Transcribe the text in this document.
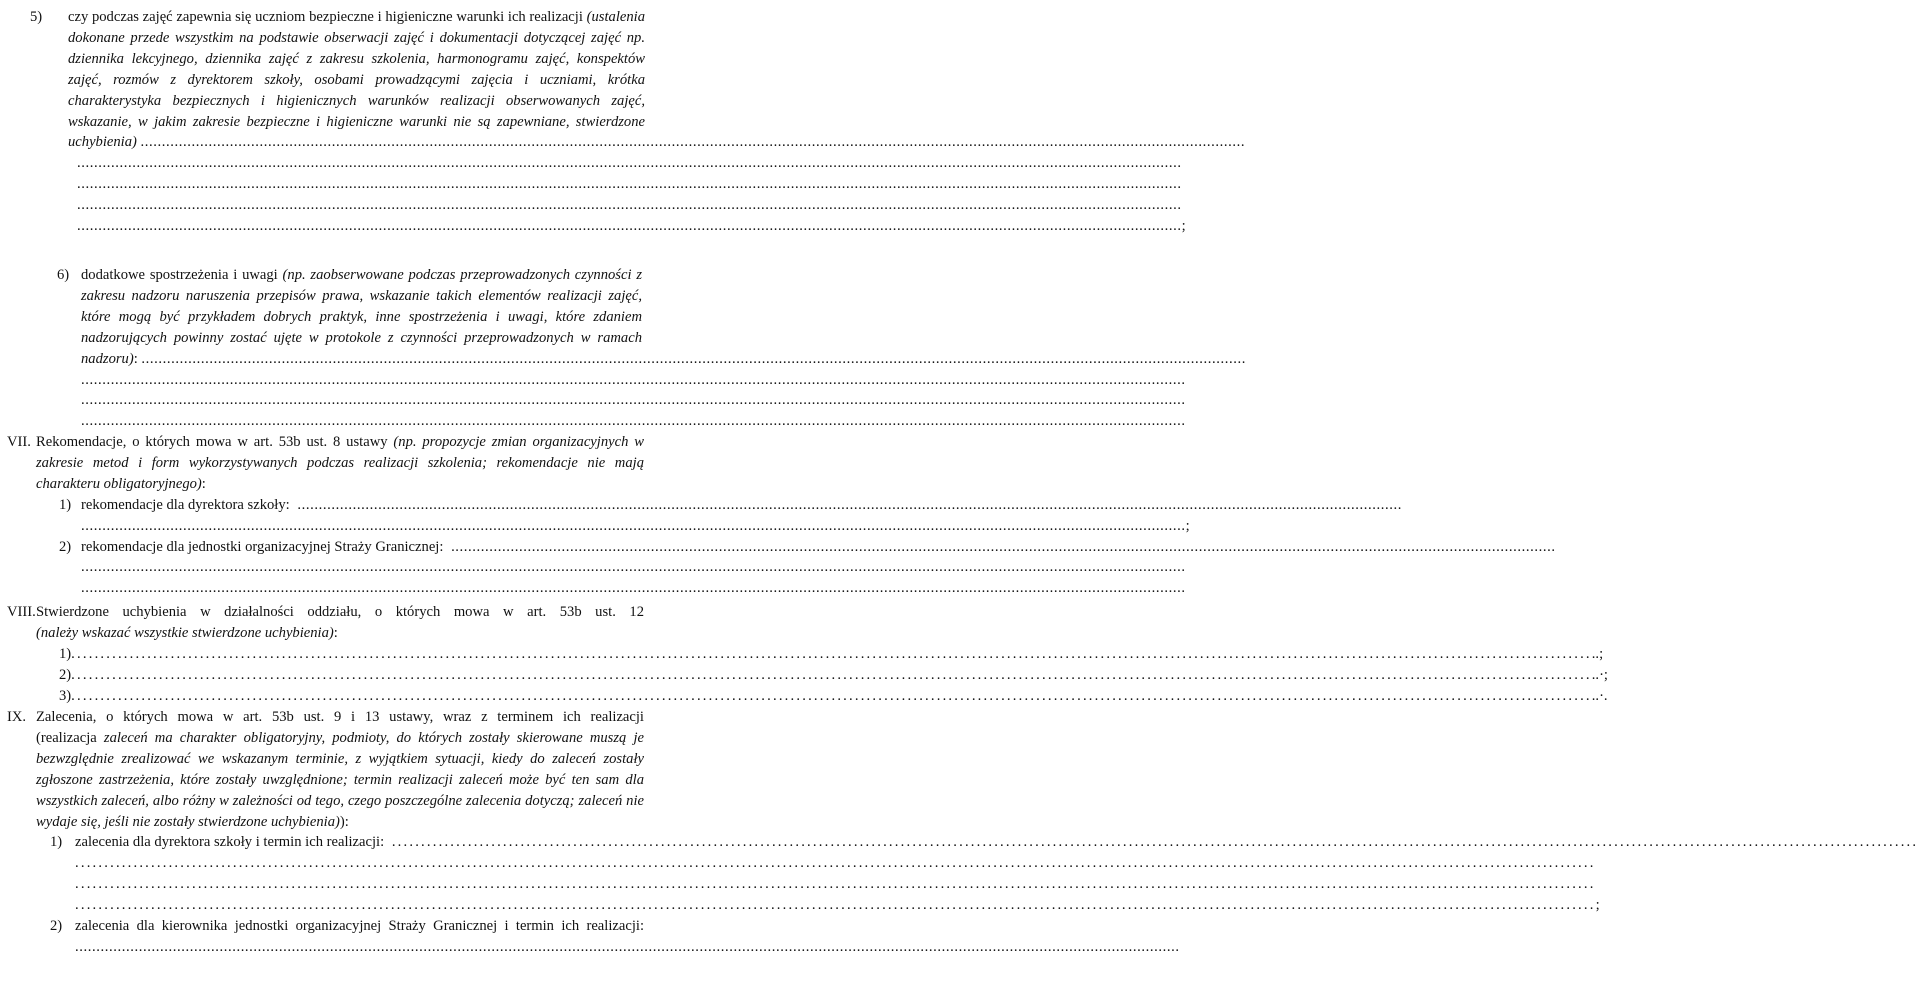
5) czy podczas zajęć zapewnia się uczniom bezpieczne i higieniczne warunki ich realizacji (ustalenia dokonane przede wszystkim na podstawie obserwacji zajęć i dokumentacji dotyczącej zajęć np. dziennika lekcyjnego, dziennika zajęć z zakresu szkolenia, harmonogramu zajęć, konspektów zajęć, rozmów z dyrektorem szkoły, osobami prowadzącymi zajęcia i uczniami, krótka charakterystyka bezpiecznych i higienicznych warunków realizacji obserwowanych zajęć, wskazanie, w jakim zakresie bezpieczne i higieniczne warunki nie są zapewniane, stwierdzone uchybienia) ....................................................................................................................................................................................................................................................................

....................................................................................................................................................................................................................................................................
....................................................................................................................................................................................................................................................................
....................................................................................................................................................................................................................................................................
.................................................................................................................................................................................................................................................................... ;
6) dodatkowe spostrzeżenia i uwagi (np. zaobserwowane podczas przeprowadzonych czynności z zakresu nadzoru naruszenia przepisów prawa, wskazanie takich elementów realizacji zajęć, które mogą być przykładem dobrych praktyk, inne spostrzeżenia i uwagi, które zdaniem nadzorujących powinny zostać ujęte w protokole z czynności przeprowadzonych w ramach nadzoru): ....................................................................................................................................................................................................................................................................

....................................................................................................................................................................................................................................................................
....................................................................................................................................................................................................................................................................
....................................................................................................................................................................................................................................................................
VII. Rekomendacje, o których mowa w art. 53b ust. 8 ustawy (np. propozycje zmian organizacyjnych w zakresie metod i form wykorzystywanych podczas realizacji szkolenia; rekomendacje nie mają charakteru obligatoryjnego):

1) rekomendacje dla dyrektora szkoły:
....................................................................................................................................................................................................................................................................
.................................................................................................................................................................................................................................................................... ;
2) rekomendacje dla jednostki organizacyjnej Straży Granicznej:
....................................................................................................................................................................................................................................................................
....................................................................................................................................................................................................................................................................
....................................................................................................................................................................................................................................................................
VIII. Stwierdzone uchybienia w działalności oddziału, o których mowa w art. 53b ust. 12

(należy wskazać wszystkie stwierdzone uchybienia):

1) .................................................................................................................................................................................................................................................................... ..;
2) .................................................................................................................................................................................................................................................................... ..·;
3) .................................................................................................................................................................................................................................................................... ..·.
IX. Zalecenia, o których mowa w art. 53b ust. 9 i 13 ustawy, wraz z terminem ich realizacji

(realizacja zaleceń ma charakter obligatoryjny, podmioty, do których zostały skierowane muszą je bezwzględnie zrealizować we wskazanym terminie, z wyjątkiem sytuacji, kiedy do zaleceń zostały zgłoszone zastrzeżenia, które zostały uwzględnione; termin realizacji zaleceń może być ten sam dla wszystkich zaleceń, albo różny w zależności od tego, czego poszczególne zalecenia dotyczą; zaleceń nie wydaje się, jeśli nie zostały stwierdzone uchybienia)):

1) zalecenia dla dyrektora szkoły i termin ich realizacji:
.................................................................................................................................................................................................................................................................... .
....................................................................................................................................................................................................................................................................
....................................................................................................................................................................................................................................................................
.................................................................................................................................................................................................................................................................... ;
2) zalecenia dla kierownika jednostki organizacyjnej Straży Granicznej i termin ich realizacji: ....................................................................................................................................................................................................................................................................
